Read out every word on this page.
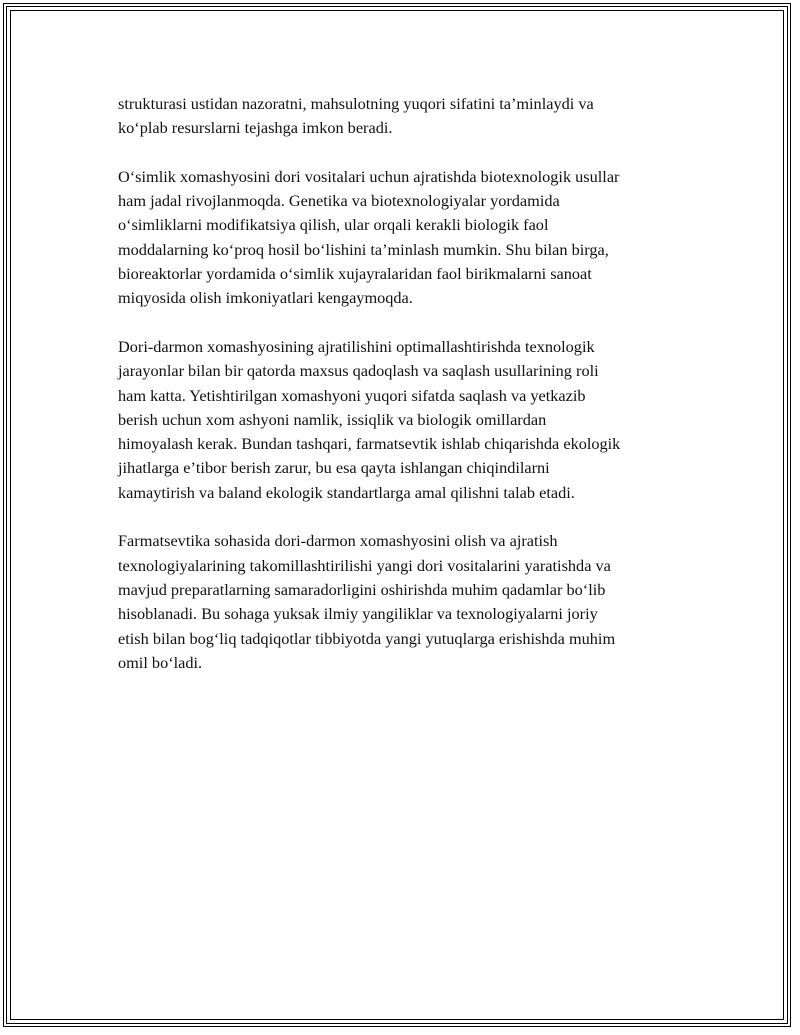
strukturasi ustidan nazoratni, mahsulotning yuqori sifatini taʼminlaydi va
koʻplab resurslarni tejashga imkon beradi.

Oʻsimlik xomashyosini dori vositalari uchun ajratishda biotexnologik usullar
ham jadal rivojlanmoqda. Genetika va biotexnologiyalar yordamida
oʻsimliklarni modifikatsiya qilish, ular orqali kerakli biologik faol
moddalarning koʻproq hosil boʻlishini taʼminlash mumkin. Shu bilan birga,
bioreaktorlar yordamida oʻsimlik xujayralaridan faol birikmalarni sanoat
miqyosida olish imkoniyatlari kengaymoqda.

Dori-darmon xomashyosining ajratilishini optimallashtirishda texnologik
jarayonlar bilan bir qatorda maxsus qadoqlash va saqlash usullarining roli
ham katta. Yetishtirilgan xomashyoni yuqori sifatda saqlash va yetkazib
berish uchun xom ashyoni namlik, issiqlik va biologik omillardan
himoyalash kerak. Bundan tashqari, farmatsevtik ishlab chiqarishda ekologik
jihatlarga eʼtibor berish zarur, bu esa qayta ishlangan chiqindilarni
kamaytirish va baland ekologik standartlarga amal qilishni talab etadi.

Farmatsevtika sohasida dori-darmon xomashyosini olish va ajratish
texnologiyalarining takomillashtirilishi yangi dori vositalarini yaratishda va
mavjud preparatlarning samaradorligini oshirishda muhim qadamlar boʻlib
hisoblanadi. Bu sohaga yuksak ilmiy yangiliklar va texnologiyalarni joriy
etish bilan bogʻliq tadqiqotlar tibbiyotda yangi yutuqlarga erishishda muhim
omil boʻladi.
